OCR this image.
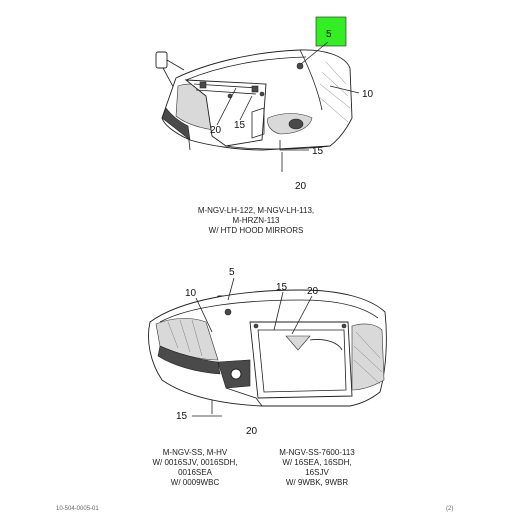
5
10
20 15
15
20
M-NGV-LH-122, M-NGV-LH-113,
M-HRZN-113
W/ HTD HOOD MIRRORS
5
10
15 20
15
20
M-NGV-SS, M-HV
W/ 0016SJV, 0016SDH,
0016SEA
W/ 0009WBC
M-NGV-SS-7600-113
W/ 16SEA, 16SDH,
16SJV
W/ 9WBK, 9WBR
10-504-0005-01	(2)
